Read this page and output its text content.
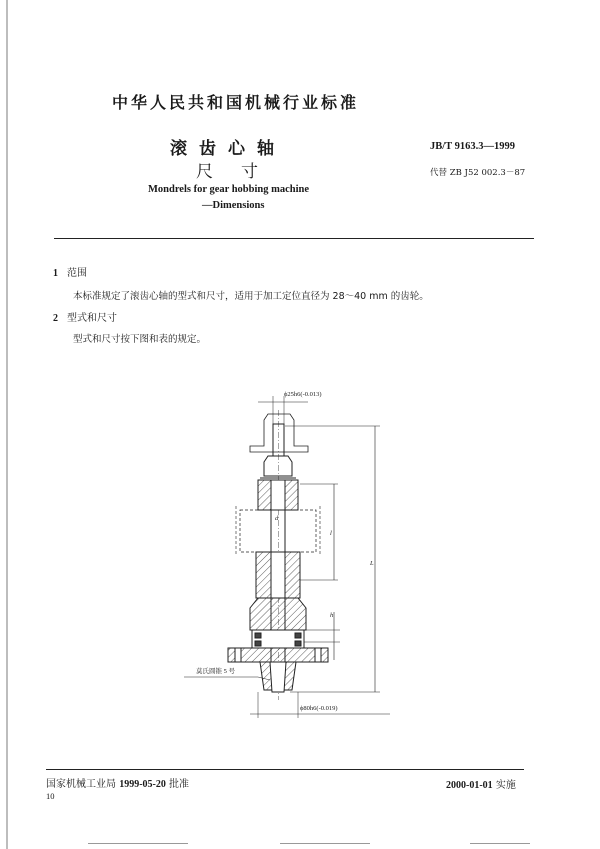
中华人民共和国机械行业标准
滚齿心轴
尺寸
Mondrels for gear hobbing machine
—Dimensions
JB/T 9163.3—1999
代替 ZB J52 002.3－87
1 范围
本标准规定了滚齿心轴的型式和尺寸，适用于加工定位直径为 28～40 mm 的齿轮。
2 型式和尺寸
型式和尺寸按下图和表的规定。
ϕ25h6(-0.013)
d
l
L
h
莫氏圆锥 5 号
ϕ80h6(-0.019)
国家机械工业局 1999-05-20 批准	2000-01-01 实施
10
